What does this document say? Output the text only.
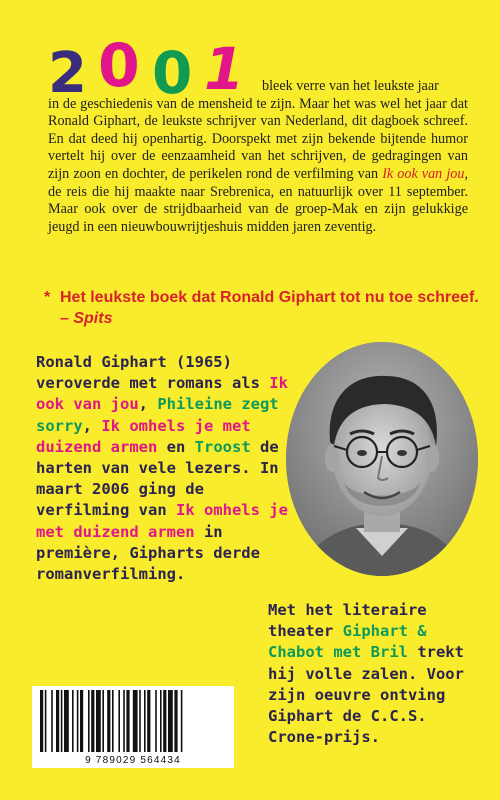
2 0 0 1	bleek verre van het leukste jaar
in de geschiedenis van de mensheid te zijn. Maar het was wel het jaar dat Ronald Giphart, de leukste schrijver van Nederland, dit dagboek schreef. En dat deed hij openhartig. Doorspekt met zijn bekende bijtende humor vertelt hij over de eenzaamheid van het schrijven, de gedragingen van zijn zoon en dochter, de perikelen rond de verfilming van Ik ook van jou, de reis die hij maakte naar Srebrenica, en natuurlijk over 11 september. Maar ook over de strijdbaarheid van de groep-Mak en zijn gelukkige jeugd in een nieuwbouwrijtjeshuis midden jaren zeventig.
* Het leukste boek dat Ronald Giphart tot nu toe schreef. – Spits
Ronald Giphart (1965) veroverde met romans als Ik ook van jou, Phileine zegt sorry, Ik omhels je met duizend armen en Troost de harten van vele lezers. In maart 2006 ging de verfilming van Ik omhels je met duizend armen in première, Gipharts derde romanverfilming.
Met het literaire theater Giphart & Chabot met Bril trekt hij volle zalen. Voor zijn oeuvre ontving Giphart de C.C.S. Crone-prijs.
9 789029 564434
